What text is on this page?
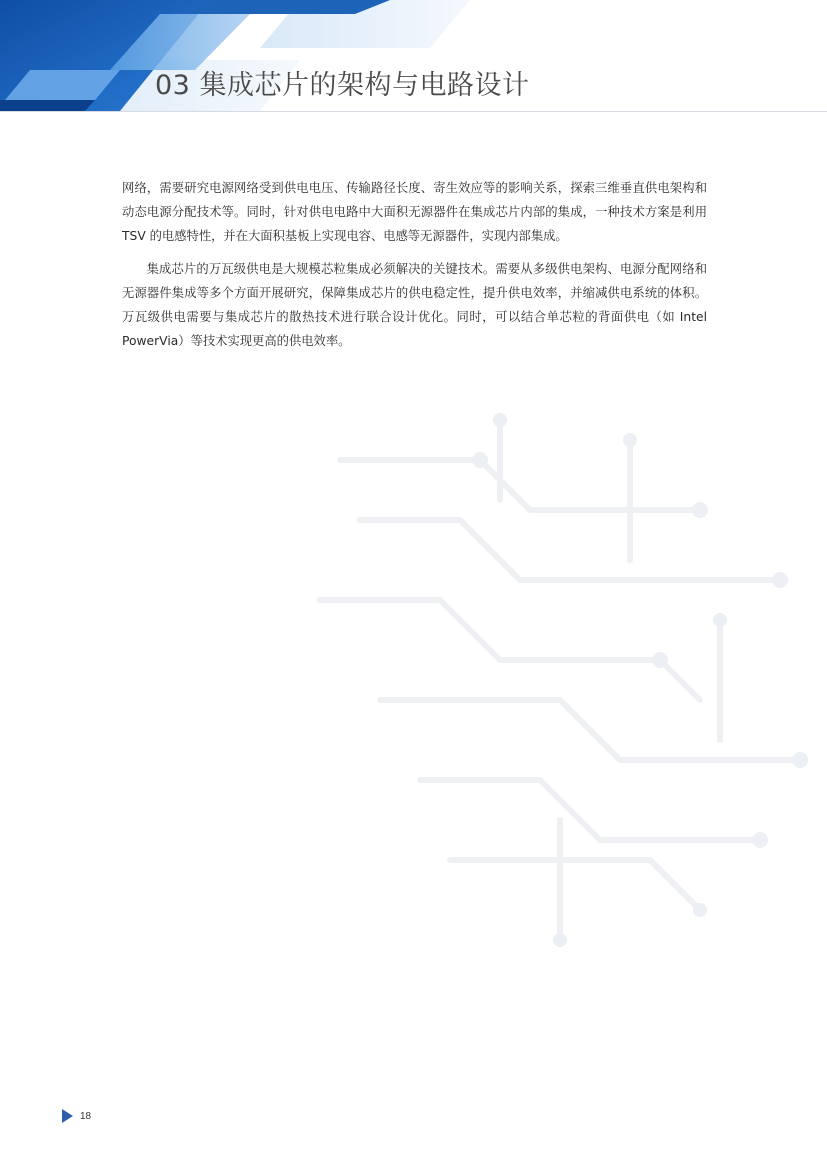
03 集成芯片的架构与电路设计

网络，需要研究电源网络受到供电电压、传输路径长度、寄生效应等的影响关系，探索三维垂直供电架构和动态电源分配技术等。同时，针对供电电路中大面积无源器件在集成芯片内部的集成，一种技术方案是利用 TSV 的电感特性，并在大面积基板上实现电容、电感等无源器件，实现内部集成。

集成芯片的万瓦级供电是大规模芯粒集成必须解决的关键技术。需要从多级供电架构、电源分配网络和无源器件集成等多个方面开展研究，保障集成芯片的供电稳定性，提升供电效率，并缩减供电系统的体积。万瓦级供电需要与集成芯片的散热技术进行联合设计优化。同时，可以结合单芯粒的背面供电（如 Intel PowerVia）等技术实现更高的供电效率。

18
